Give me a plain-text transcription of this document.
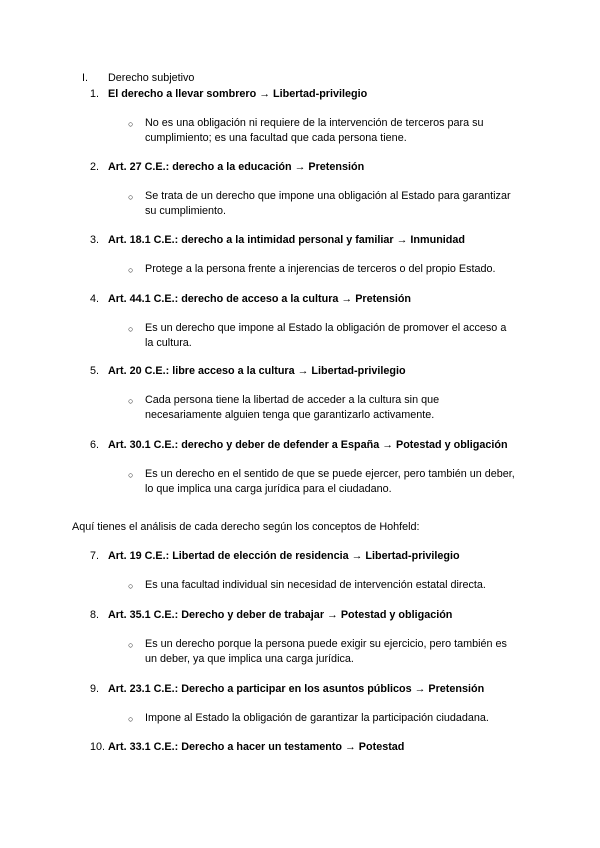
I. Derecho subjetivo
1. El derecho a llevar sombrero → Libertad-privilegio
○ No es una obligación ni requiere de la intervención de terceros para su
cumplimiento; es una facultad que cada persona tiene.
2. Art. 27 C.E.: derecho a la educación → Pretensión
○ Se trata de un derecho que impone una obligación al Estado para garantizar
su cumplimiento.
3. Art. 18.1 C.E.: derecho a la intimidad personal y familiar → Inmunidad
○ Protege a la persona frente a injerencias de terceros o del propio Estado.
4. Art. 44.1 C.E.: derecho de acceso a la cultura → Pretensión
○ Es un derecho que impone al Estado la obligación de promover el acceso a
la cultura.
5. Art. 20 C.E.: libre acceso a la cultura → Libertad-privilegio
○ Cada persona tiene la libertad de acceder a la cultura sin que
necesariamente alguien tenga que garantizarlo activamente.
6. Art. 30.1 C.E.: derecho y deber de defender a España → Potestad y obligación
○ Es un derecho en el sentido de que se puede ejercer, pero también un deber,
lo que implica una carga jurídica para el ciudadano.
Aquí tienes el análisis de cada derecho según los conceptos de Hohfeld:
7. Art. 19 C.E.: Libertad de elección de residencia → Libertad-privilegio
○ Es una facultad individual sin necesidad de intervención estatal directa.
8. Art. 35.1 C.E.: Derecho y deber de trabajar → Potestad y obligación
○ Es un derecho porque la persona puede exigir su ejercicio, pero también es
un deber, ya que implica una carga jurídica.
9. Art. 23.1 C.E.: Derecho a participar en los asuntos públicos → Pretensión
○ Impone al Estado la obligación de garantizar la participación ciudadana.
10. Art. 33.1 C.E.: Derecho a hacer un testamento → Potestad
